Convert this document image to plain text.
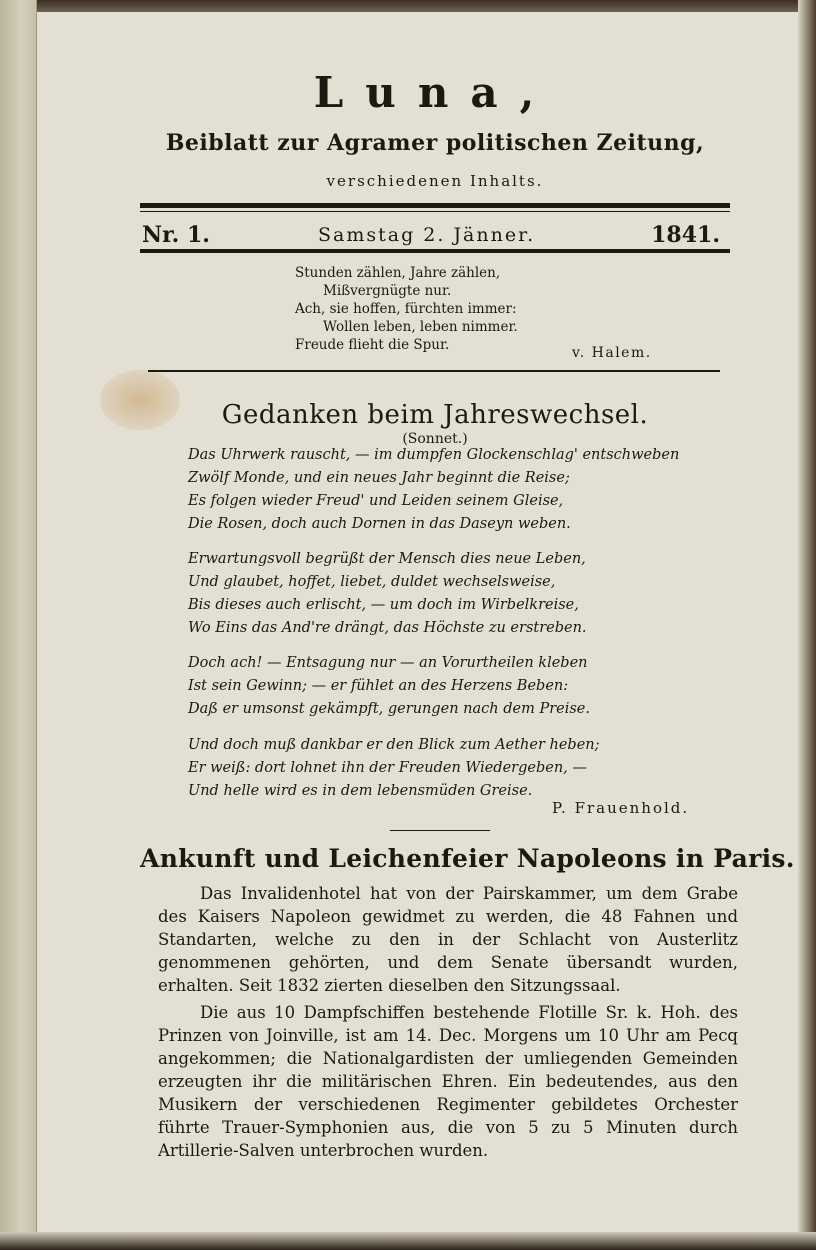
Luna,
Beiblatt zur Agramer politischen Zeitung,
verschiedenen Inhalts.
Nr. 1.	Samstag 2. Jänner.	1841.
Stunden zählen, Jahre zählen,
Mißvergnügte nur.
Ach, sie hoffen, fürchten immer:
Wollen leben, leben nimmer.
Freude flieht die Spur.	v. Halem.
Gedanken beim Jahreswechsel.
(Sonnet.)
Das Uhrwerk rauscht, — im dumpfen Glockenschlag' entschweben
Zwölf Monde, und ein neues Jahr beginnt die Reise;
Es folgen wieder Freud' und Leiden seinem Gleise,
Die Rosen, doch auch Dornen in das Daseyn weben.
Erwartungsvoll begrüßt der Mensch dies neue Leben,
Und glaubet, hoffet, liebet, duldet wechselsweise,
Bis dieses auch erlischt, — um doch im Wirbelkreise,
Wo Eins das And're drängt, das Höchste zu erstreben.
Doch ach! — Entsagung nur — an Vorurtheilen kleben
Ist sein Gewinn; — er fühlet an des Herzens Beben:
Daß er umsonst gekämpft, gerungen nach dem Preise.
Und doch muß dankbar er den Blick zum Aether heben;
Er weiß: dort lohnet ihn der Freuden Wiedergeben, —
Und helle wird es in dem lebensmüden Greise.
P. Frauenhold.
Ankunft und Leichenfeier Napoleons in Paris.

Das Invalidenhotel hat von der Pairskammer, um dem Grabe des Kaisers Napoleon gewidmet zu werden, die 48 Fahnen und Standarten, welche zu den in der Schlacht von Austerlitz genommenen gehörten, und dem Senate übersandt wurden, erhalten. Seit 1832 zierten dieselben den Sitzungssaal.

Die aus 10 Dampfschiffen bestehende Flotille Sr. k. Hoh. des Prinzen von Joinville, ist am 14. Dec. Morgens um 10 Uhr am Pecq angekommen; die Nationalgardisten der umliegenden Gemeinden erzeugten ihr die militärischen Ehren. Ein bedeutendes, aus den Musikern der verschiedenen Regimenter gebildetes Orchester führte Trauer-Symphonien aus, die von 5 zu 5 Minuten durch Artillerie-Salven unterbrochen wurden.
